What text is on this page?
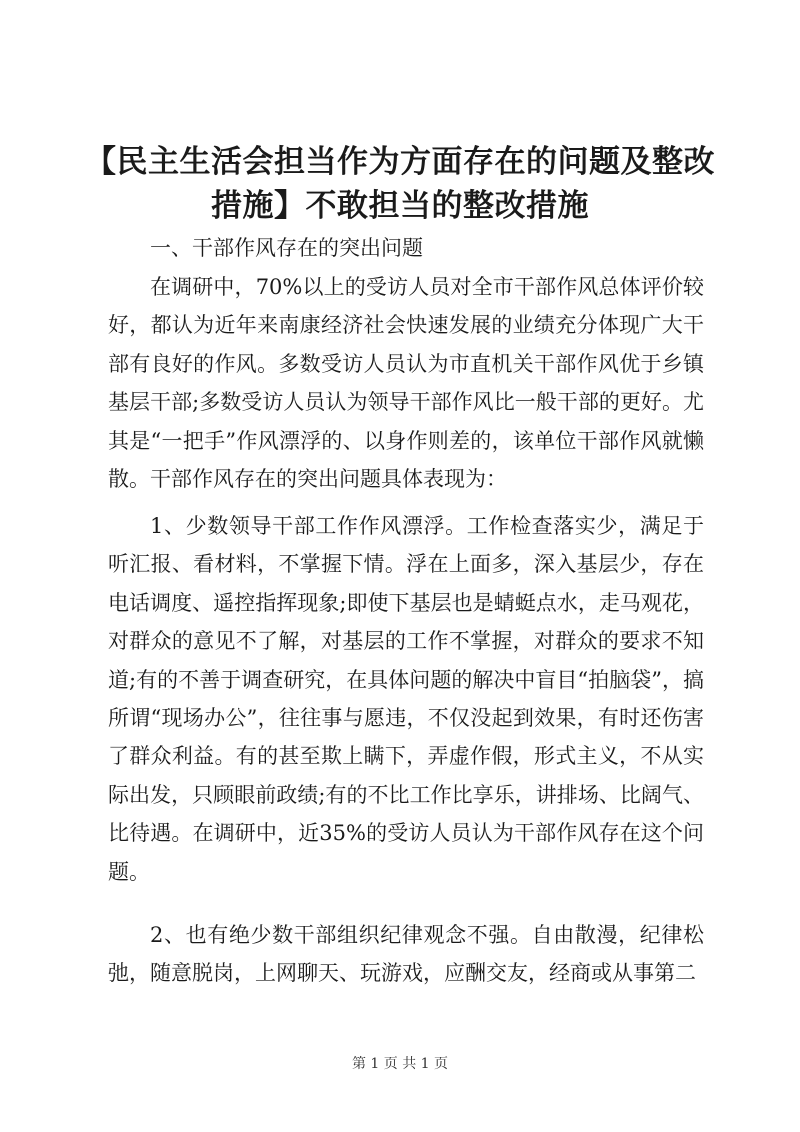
【民主生活会担当作为方面存在的问题及整改措施】不敢担当的整改措施
一、干部作风存在的突出问题

在调研中，70%以上的受访人员对全市干部作风总体评价较好，都认为近年来南康经济社会快速发展的业绩充分体现广大干部有良好的作风。多数受访人员认为市直机关干部作风优于乡镇基层干部;多数受访人员认为领导干部作风比一般干部的更好。尤其是“一把手”作风漂浮的、以身作则差的，该单位干部作风就懒散。干部作风存在的突出问题具体表现为：

1、少数领导干部工作作风漂浮。工作检查落实少，满足于听汇报、看材料，不掌握下情。浮在上面多，深入基层少，存在电话调度、遥控指挥现象;即使下基层也是蜻蜓点水，走马观花，对群众的意见不了解，对基层的工作不掌握，对群众的要求不知道;有的不善于调查研究，在具体问题的解决中盲目“拍脑袋”，搞所谓“现场办公”，往往事与愿违，不仅没起到效果，有时还伤害了群众利益。有的甚至欺上瞒下，弄虚作假，形式主义，不从实际出发，只顾眼前政绩;有的不比工作比享乐，讲排场、比阔气、比待遇。在调研中，近35%的受访人员认为干部作风存在这个问题。

2、也有绝少数干部组织纪律观念不强。自由散漫，纪律松弛，随意脱岗，上网聊天、玩游戏，应酬交友，经商或从事第二

第 1 页 共 1 页
